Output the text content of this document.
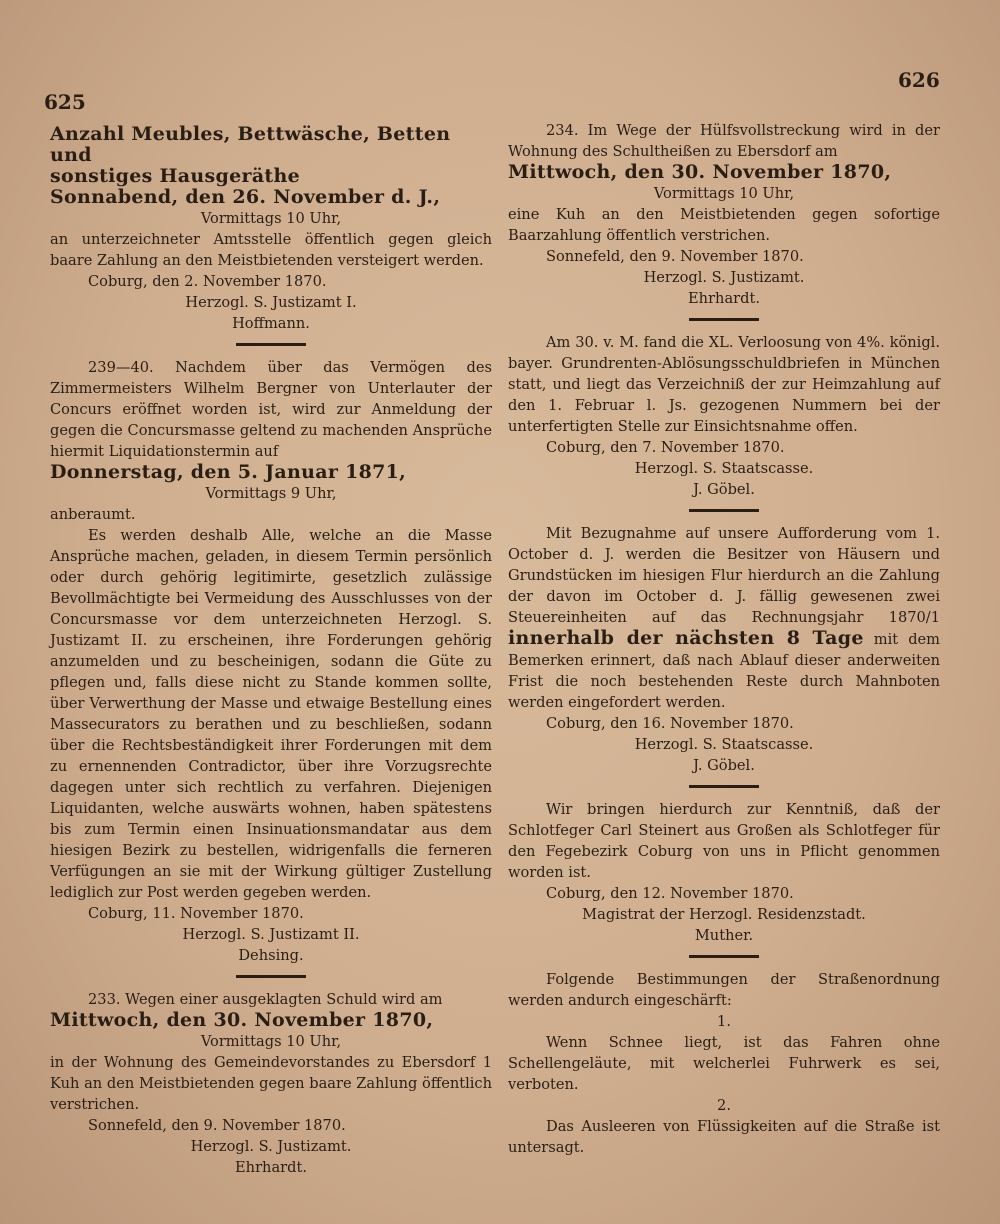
625
626

Anzahl Meubles, Bettwäsche, Betten und

sonstiges Hausgeräthe

Sonnabend, den 26. November d. J.,

Vormittags 10 Uhr,

an unterzeichneter Amtsstelle öffentlich gegen gleich baare Zahlung an den Meistbietenden versteigert werden.

Coburg, den 2. November 1870.

Herzogl. S. Justizamt I.

Hoffmann.

239—40. Nachdem über das Vermögen des Zimmermeisters Wilhelm Bergner von Unterlauter der Concurs eröffnet worden ist, wird zur Anmeldung der gegen die Concursmasse geltend zu machenden Ansprüche hiermit Liquidationstermin auf

Donnerstag, den 5. Januar 1871,

Vormittags 9 Uhr,

anberaumt.

Es werden deshalb Alle, welche an die Masse Ansprüche machen, geladen, in diesem Termin persönlich oder durch gehörig legitimirte, gesetzlich zulässige Bevollmächtigte bei Vermeidung des Ausschlusses von der Concursmasse vor dem unterzeichneten Herzogl. S. Justizamt II. zu erscheinen, ihre Forderungen gehörig anzumelden und zu bescheinigen, sodann die Güte zu pflegen und, falls diese nicht zu Stande kommen sollte, über Verwerthung der Masse und etwaige Bestellung eines Massecurators zu berathen und zu beschließen, sodann über die Rechtsbeständigkeit ihrer Forderungen mit dem zu ernennenden Contradictor, über ihre Vorzugsrechte dagegen unter sich rechtlich zu verfahren. Diejenigen Liquidanten, welche auswärts wohnen, haben spätestens bis zum Termin einen Insinuationsmandatar aus dem hiesigen Bezirk zu bestellen, widrigenfalls die ferneren Verfügungen an sie mit der Wirkung gültiger Zustellung lediglich zur Post werden gegeben werden.

Coburg, 11. November 1870.

Herzogl. S. Justizamt II.

Dehsing.

233. Wegen einer ausgeklagten Schuld wird am

Mittwoch, den 30. November 1870,

Vormittags 10 Uhr,

in der Wohnung des Gemeindevorstandes zu Ebersdorf 1 Kuh an den Meistbietenden gegen baare Zahlung öffentlich verstrichen.

Sonnefeld, den 9. November 1870.

Herzogl. S. Justizamt.

Ehrhardt.

234. Im Wege der Hülfsvollstreckung wird in der Wohnung des Schultheißen zu Ebersdorf am

Mittwoch, den 30. November 1870,

Vormittags 10 Uhr,

eine Kuh an den Meistbietenden gegen sofortige Baarzahlung öffentlich verstrichen.

Sonnefeld, den 9. November 1870.

Herzogl. S. Justizamt.

Ehrhardt.

Am 30. v. M. fand die XL. Verloosung von 4%. königl. bayer. Grundrenten-Ablösungsschuldbriefen in München statt, und liegt das Verzeichniß der zur Heimzahlung auf den 1. Februar l. Js. gezogenen Nummern bei der unterfertigten Stelle zur Einsichtsnahme offen.

Coburg, den 7. November 1870.

Herzogl. S. Staatscasse.

J. Göbel.

Mit Bezugnahme auf unsere Aufforderung vom 1. October d. J. werden die Besitzer von Häusern und Grundstücken im hiesigen Flur hierdurch an die Zahlung der davon im October d. J. fällig gewesenen zwei Steuereinheiten auf das Rechnungsjahr 1870/1 innerhalb der nächsten 8 Tage mit dem Bemerken erinnert, daß nach Ablauf dieser anderweiten Frist die noch bestehenden Reste durch Mahnboten werden eingefordert werden.

Coburg, den 16. November 1870.

Herzogl. S. Staatscasse.

J. Göbel.

Wir bringen hierdurch zur Kenntniß, daß der Schlotfeger Carl Steinert aus Großen als Schlotfeger für den Fegebezirk Coburg von uns in Pflicht genommen worden ist.

Coburg, den 12. November 1870.

Magistrat der Herzogl. Residenzstadt.

Muther.

Folgende Bestimmungen der Straßenordnung werden andurch eingeschärft:

1.

Wenn Schnee liegt, ist das Fahren ohne Schellengeläute, mit welcherlei Fuhrwerk es sei, verboten.

2.

Das Ausleeren von Flüssigkeiten auf die Straße ist untersagt.
